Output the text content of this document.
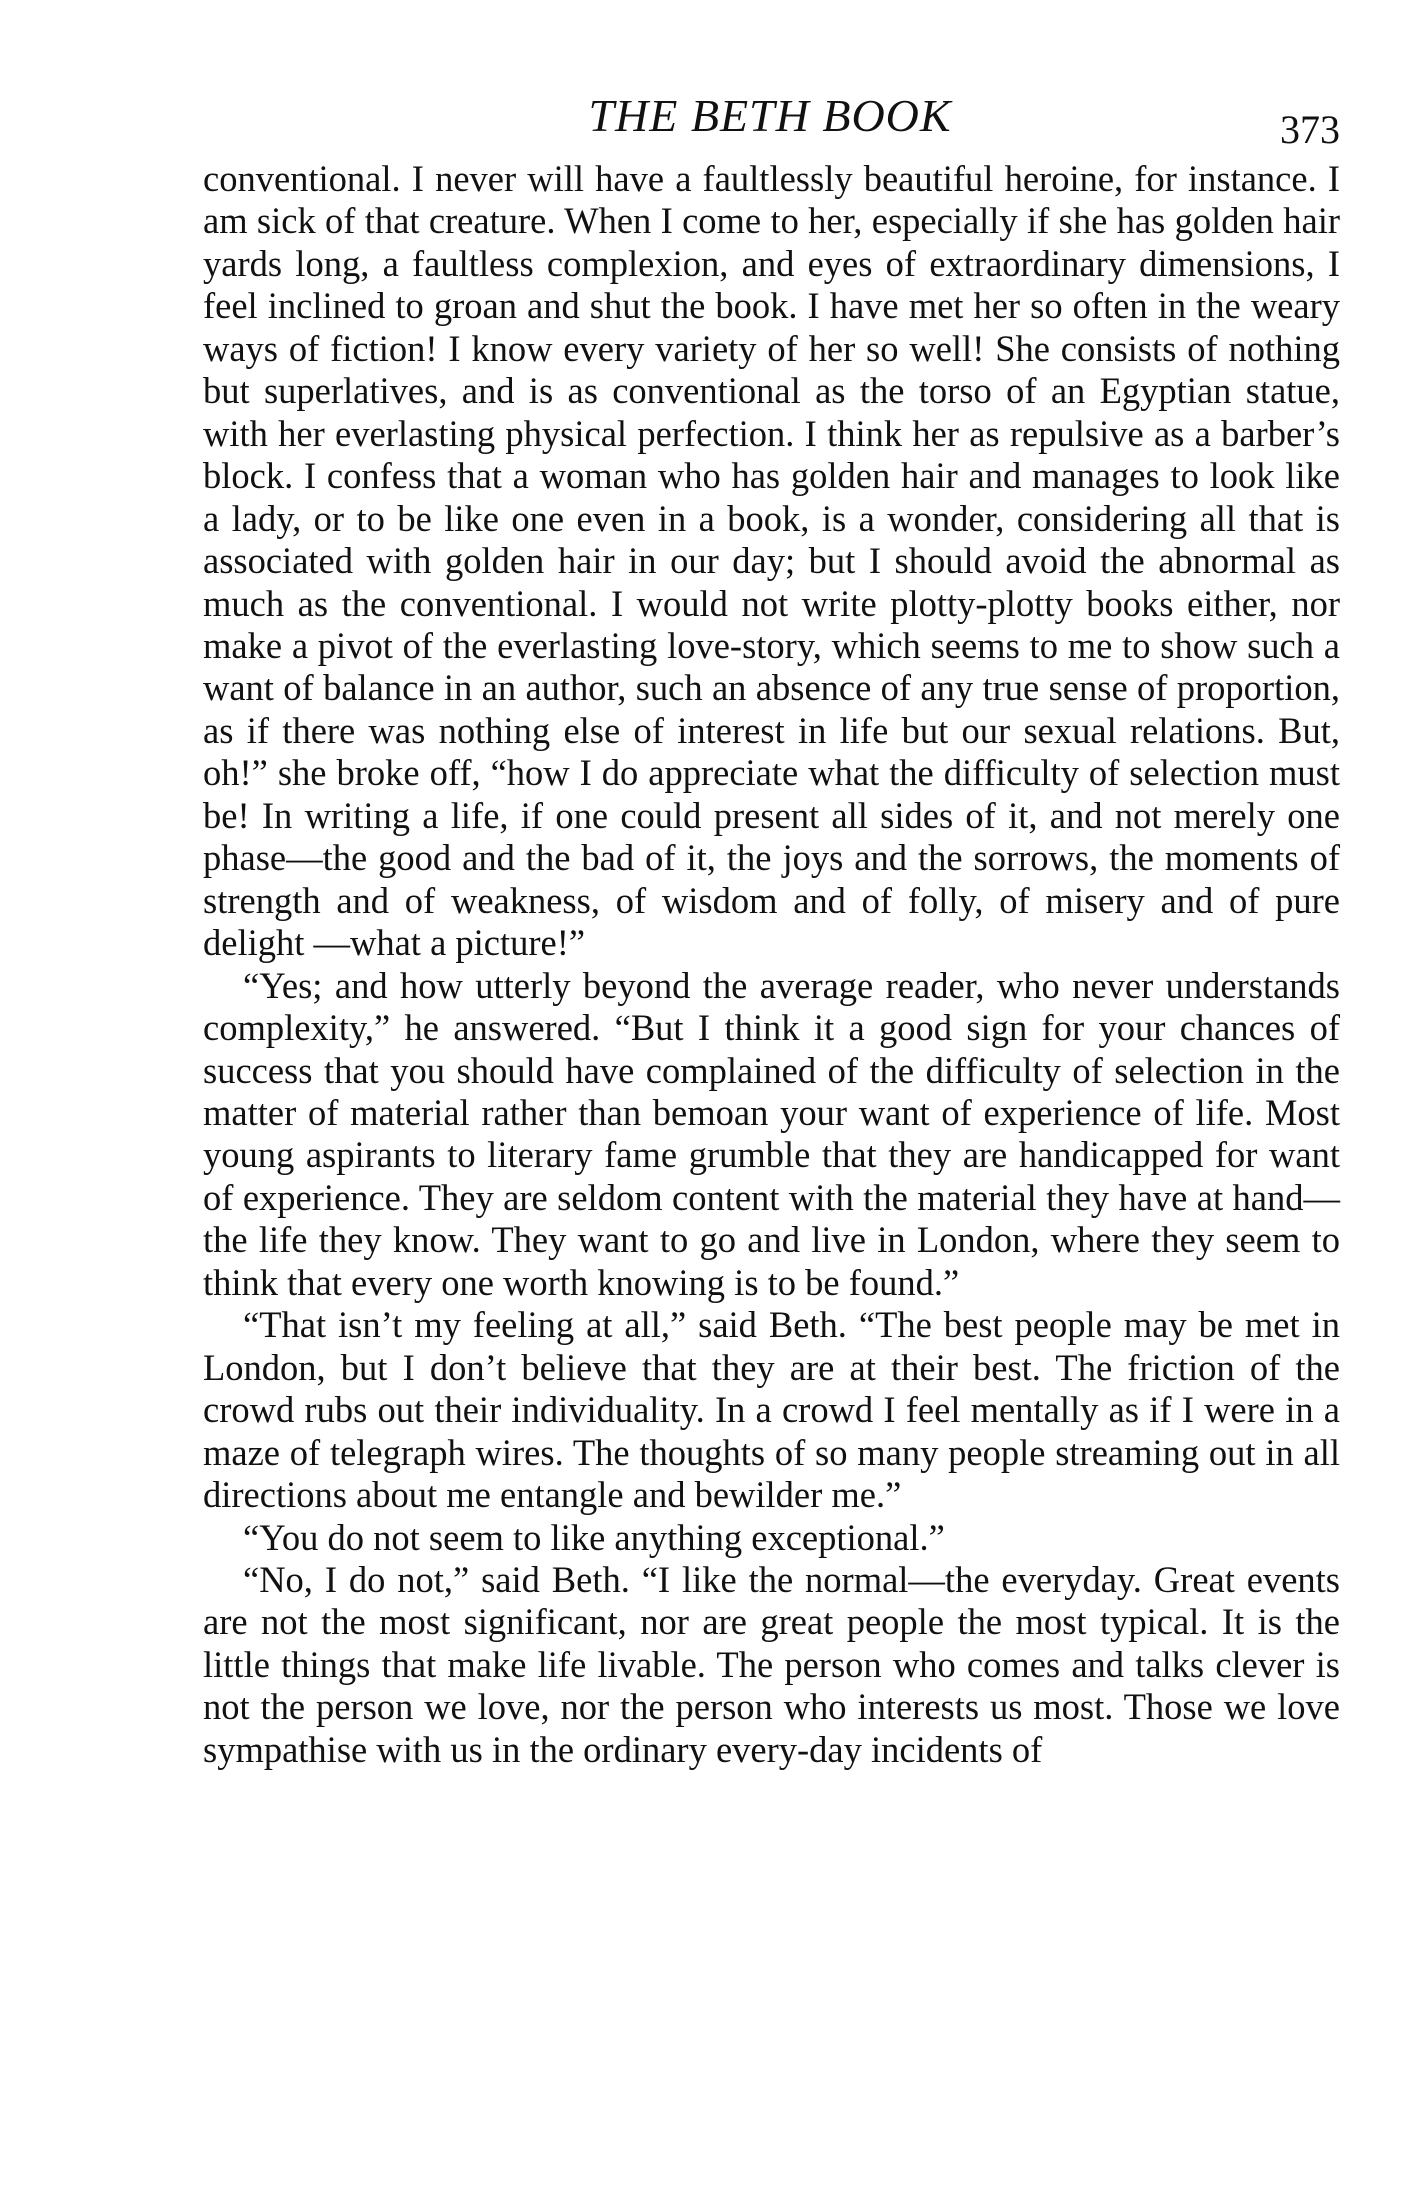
THE BETH BOOK	373

conventional. I never will have a faultlessly beautiful heroine, for instance. I am sick of that creature. When I come to her, especially if she has golden hair yards long, a faultless complexion, and eyes of extraordinary dimensions, I feel inclined to groan and shut the book. I have met her so often in the weary ways of fiction! I know every variety of her so well! She consists of nothing but superlatives, and is as conventional as the torso of an Egyptian statue, with her everlasting physical perfection. I think her as repulsive as a barber’s block. I confess that a woman who has golden hair and manages to look like a lady, or to be like one even in a book, is a wonder, considering all that is associated with golden hair in our day; but I should avoid the abnormal as much as the conventional. I would not write plotty-plotty books either, nor make a pivot of the everlasting love-story, which seems to me to show such a want of balance in an author, such an absence of any true sense of proportion, as if there was nothing else of interest in life but our sexual relations. But, oh!” she broke off, “how I do appreciate what the difficulty of selection must be! In writing a life, if one could present all sides of it, and not merely one phase—the good and the bad of it, the joys and the sorrows, the moments of strength and of weakness, of wisdom and of folly, of misery and of pure delight —what a picture!”

“Yes; and how utterly beyond the average reader, who never understands complexity,” he answered. “But I think it a good sign for your chances of success that you should have complained of the difficulty of selection in the matter of material rather than bemoan your want of experience of life. Most young aspirants to literary fame grumble that they are handicapped for want of experience. They are seldom content with the material they have at hand—the life they know. They want to go and live in London, where they seem to think that every one worth knowing is to be found.”

“That isn’t my feeling at all,” said Beth. “The best people may be met in London, but I don’t believe that they are at their best. The friction of the crowd rubs out their individuality. In a crowd I feel mentally as if I were in a maze of telegraph wires. The thoughts of so many people streaming out in all directions about me entangle and bewilder me.”

“You do not seem to like anything exceptional.”

“No, I do not,” said Beth. “I like the normal—the everyday. Great events are not the most significant, nor are great people the most typical. It is the little things that make life livable. The person who comes and talks clever is not the person we love, nor the person who interests us most. Those we love sympathise with us in the ordinary every-day incidents of
